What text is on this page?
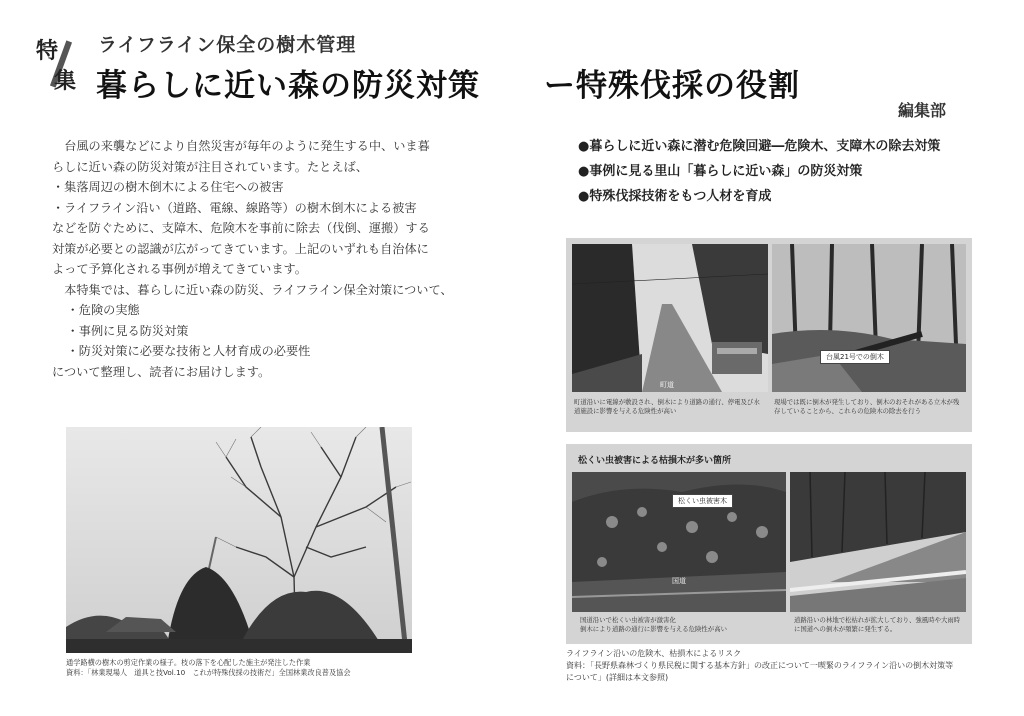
特
集
ライフライン保全の樹木管理
暮らしに近い森の防災対策 ー特殊伐採の役割
編集部

台風の来襲などにより自然災害が毎年のように発生する中、いま暮

らしに近い森の防災対策が注目されています。たとえば、

・集落周辺の樹木倒木による住宅への被害

・ライフライン沿い（道路、電線、線路等）の樹木倒木による被害

などを防ぐために、支障木、危険木を事前に除去（伐倒、運搬）する

対策が必要との認識が広がってきています。上記のいずれも自治体に

よって予算化される事例が増えてきています。

本特集では、暮らしに近い森の防災、ライフライン保全対策について、

・危険の実態

・事例に見る防災対策

・防災対策に必要な技術と人材育成の必要性

について整理し、読者にお届けします。

●暮らしに近い森に潜む危険回避―危険木、支障木の除去対策
●事例に見る里山「暮らしに近い森」の防災対策
●特殊伐採技術をもつ人材を育成
通学路横の樹木の剪定作業の様子。枝の落下を心配した施主が発注した作業
資料：「林業現場人　道具と技Vol.10　これが特殊伐採の技術だ」全国林業改良普及協会
町道
台風21号での倒木
町道沿いに電線が敷設され、倒木により道路の通行、停電及び水道施設に影響を与える危険性が高い
現場では既に倒木が発生しており、倒木のおそれがある立木が残存していることから、これらの危険木の除去を行う
松くい虫被害による枯損木が多い箇所
松くい虫被害木
国道
国道沿いで松くい虫被害が激害化
倒木により道路の通行に影響を与える危険性が高い
道路沿いの林地で松枯れが拡大しており、強風時や大雨時に国道への倒木が頻繁に発生する。
ライフライン沿いの危険木、枯損木によるリスク
資料：「長野県森林づくり県民税に関する基本方針」の改正について一喫緊のライフライン沿いの倒木対策等
について」(詳細は本文参照)
